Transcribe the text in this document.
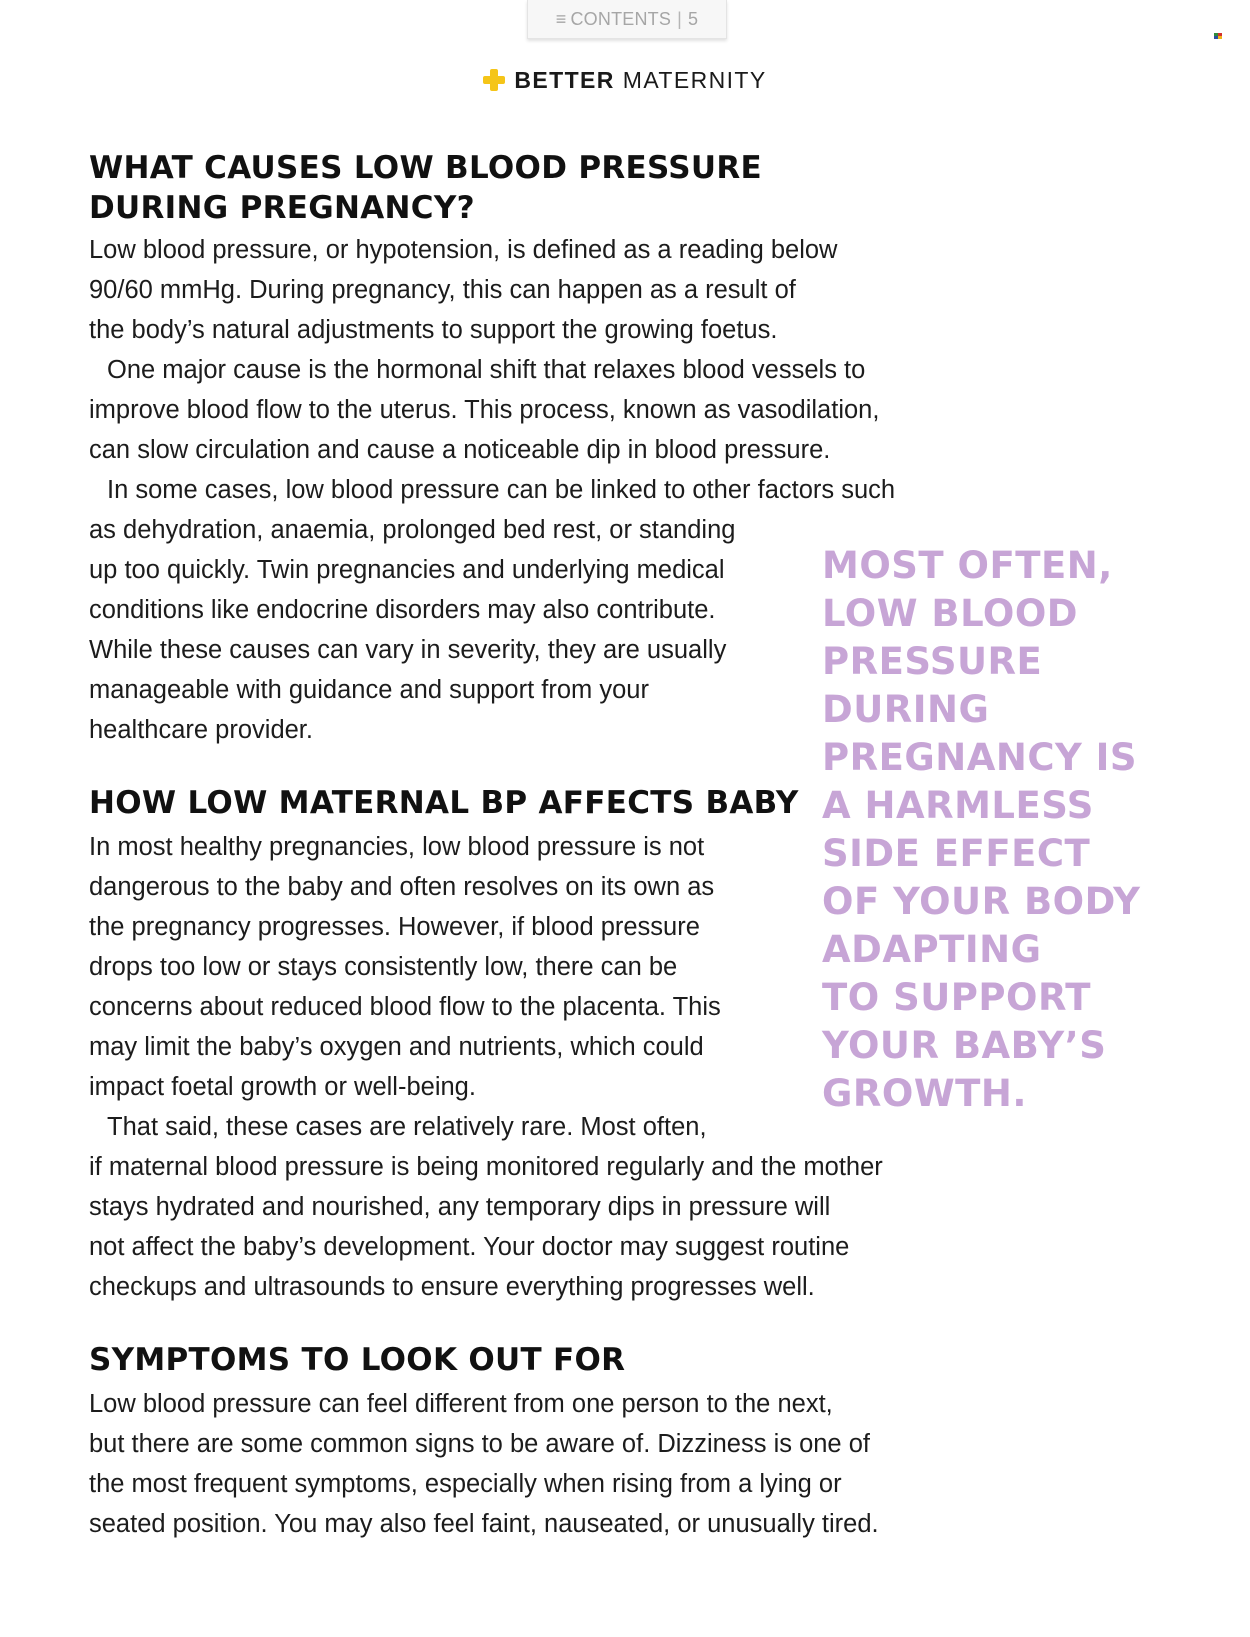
≡ CONTENTS | 5
BETTER MATERNITY
WHAT CAUSES LOW BLOOD PRESSURE
DURING PREGNANCY?

Low blood pressure, or hypotension, is defined as a reading below
90/60 mmHg. During pregnancy, this can happen as a result of
the body’s natural adjustments to support the growing foetus.

One major cause is the hormonal shift that relaxes blood vessels to
improve blood flow to the uterus. This process, known as vasodilation,
can slow circulation and cause a noticeable dip in blood pressure.

In some cases, low blood pressure can be linked to other factors such
as dehydration, anaemia, prolonged bed rest, or standing
up too quickly. Twin pregnancies and underlying medical
conditions like endocrine disorders may also contribute.
While these causes can vary in severity, they are usually
manageable with guidance and support from your
healthcare provider.

HOW LOW MATERNAL BP AFFECTS BABY

In most healthy pregnancies, low blood pressure is not
dangerous to the baby and often resolves on its own as
the pregnancy progresses. However, if blood pressure
drops too low or stays consistently low, there can be
concerns about reduced blood flow to the placenta. This
may limit the baby’s oxygen and nutrients, which could
impact foetal growth or well-being.

That said, these cases are relatively rare. Most often,
if maternal blood pressure is being monitored regularly and the mother
stays hydrated and nourished, any temporary dips in pressure will
not affect the baby’s development. Your doctor may suggest routine
checkups and ultrasounds to ensure everything progresses well.

SYMPTOMS TO LOOK OUT FOR

Low blood pressure can feel different from one person to the next,
but there are some common signs to be aware of. Dizziness is one of
the most frequent symptoms, especially when rising from a lying or
seated position. You may also feel faint, nauseated, or unusually tired.

MOST OFTEN,
LOW BLOOD
PRESSURE
DURING
PREGNANCY IS
A HARMLESS
SIDE EFFECT
OF YOUR BODY
ADAPTING
TO SUPPORT
YOUR BABY’S
GROWTH.
